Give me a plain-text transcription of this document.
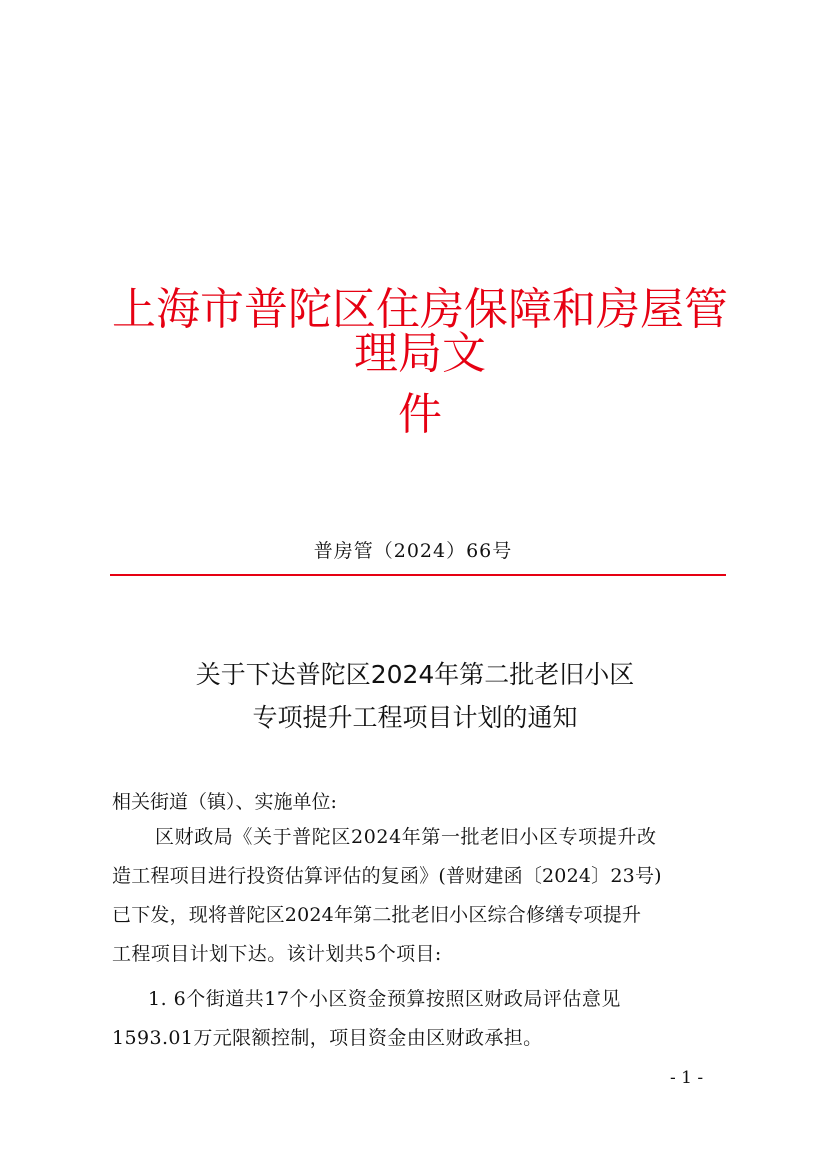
上海市普陀区住房保障和房屋管理局文
件
普房管（2024）66号
关于下达普陀区2024年第二批老旧小区
专项提升工程项目计划的通知
相关街道（镇）、实施单位:
区财政局《关于普陀区2024年第一批老旧小区专项提升改
造工程项目进行投资估算评估的复函》(普财建函〔2024〕23号)
已下发，现将普陀区2024年第二批老旧小区综合修缮专项提升
工程项目计划下达。该计划共5个项目:
1. 6个街道共17个小区资金预算按照区财政局评估意见
1593.01万元限额控制，项目资金由区财政承担。
- 1 -
